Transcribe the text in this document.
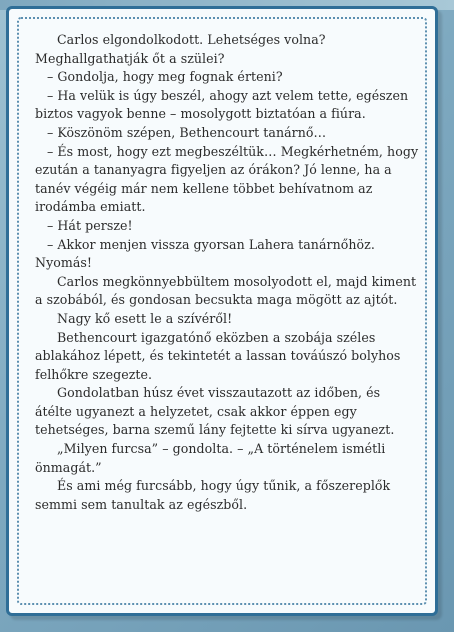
Carlos elgondolkodott. Lehetséges volna? Meghallgathatják őt a szülei?

– Gondolja, hogy meg fognak érteni?

– Ha velük is úgy beszél, ahogy azt velem tette, egészen biztos vagyok benne – mosolygott biztatóan a fiúra.

– Köszönöm szépen, Bethencourt tanárnő…

– És most, hogy ezt megbeszéltük… Megkérhetném, hogy ezután a tananyagra figyeljen az órákon? Jó lenne, ha a tanév végéig már nem kellene többet behívatnom az irodámba emiatt.

– Hát persze!

– Akkor menjen vissza gyorsan Lahera tanárnőhöz. Nyomás!

Carlos megkönnyebbültem mosolyodott el, majd kiment a szobából, és gondosan becsukta maga mögött az ajtót.

Nagy kő esett le a szívéről!

Bethencourt igazgatónő eközben a szobája széles ablakához lépett, és tekintetét a lassan továúszó bolyhos felhőkre szegezte.

Gondolatban húsz évet visszautazott az időben, és átélte ugyanezt a helyzetet, csak akkor éppen egy tehetséges, barna szemű lány fejtette ki sírva ugyanezt.

„Milyen furcsa” – gondolta. – „A történelem ismétli önmagát.”

És ami még furcsább, hogy úgy tűnik, a főszereplők semmi sem tanultak az egészből.
